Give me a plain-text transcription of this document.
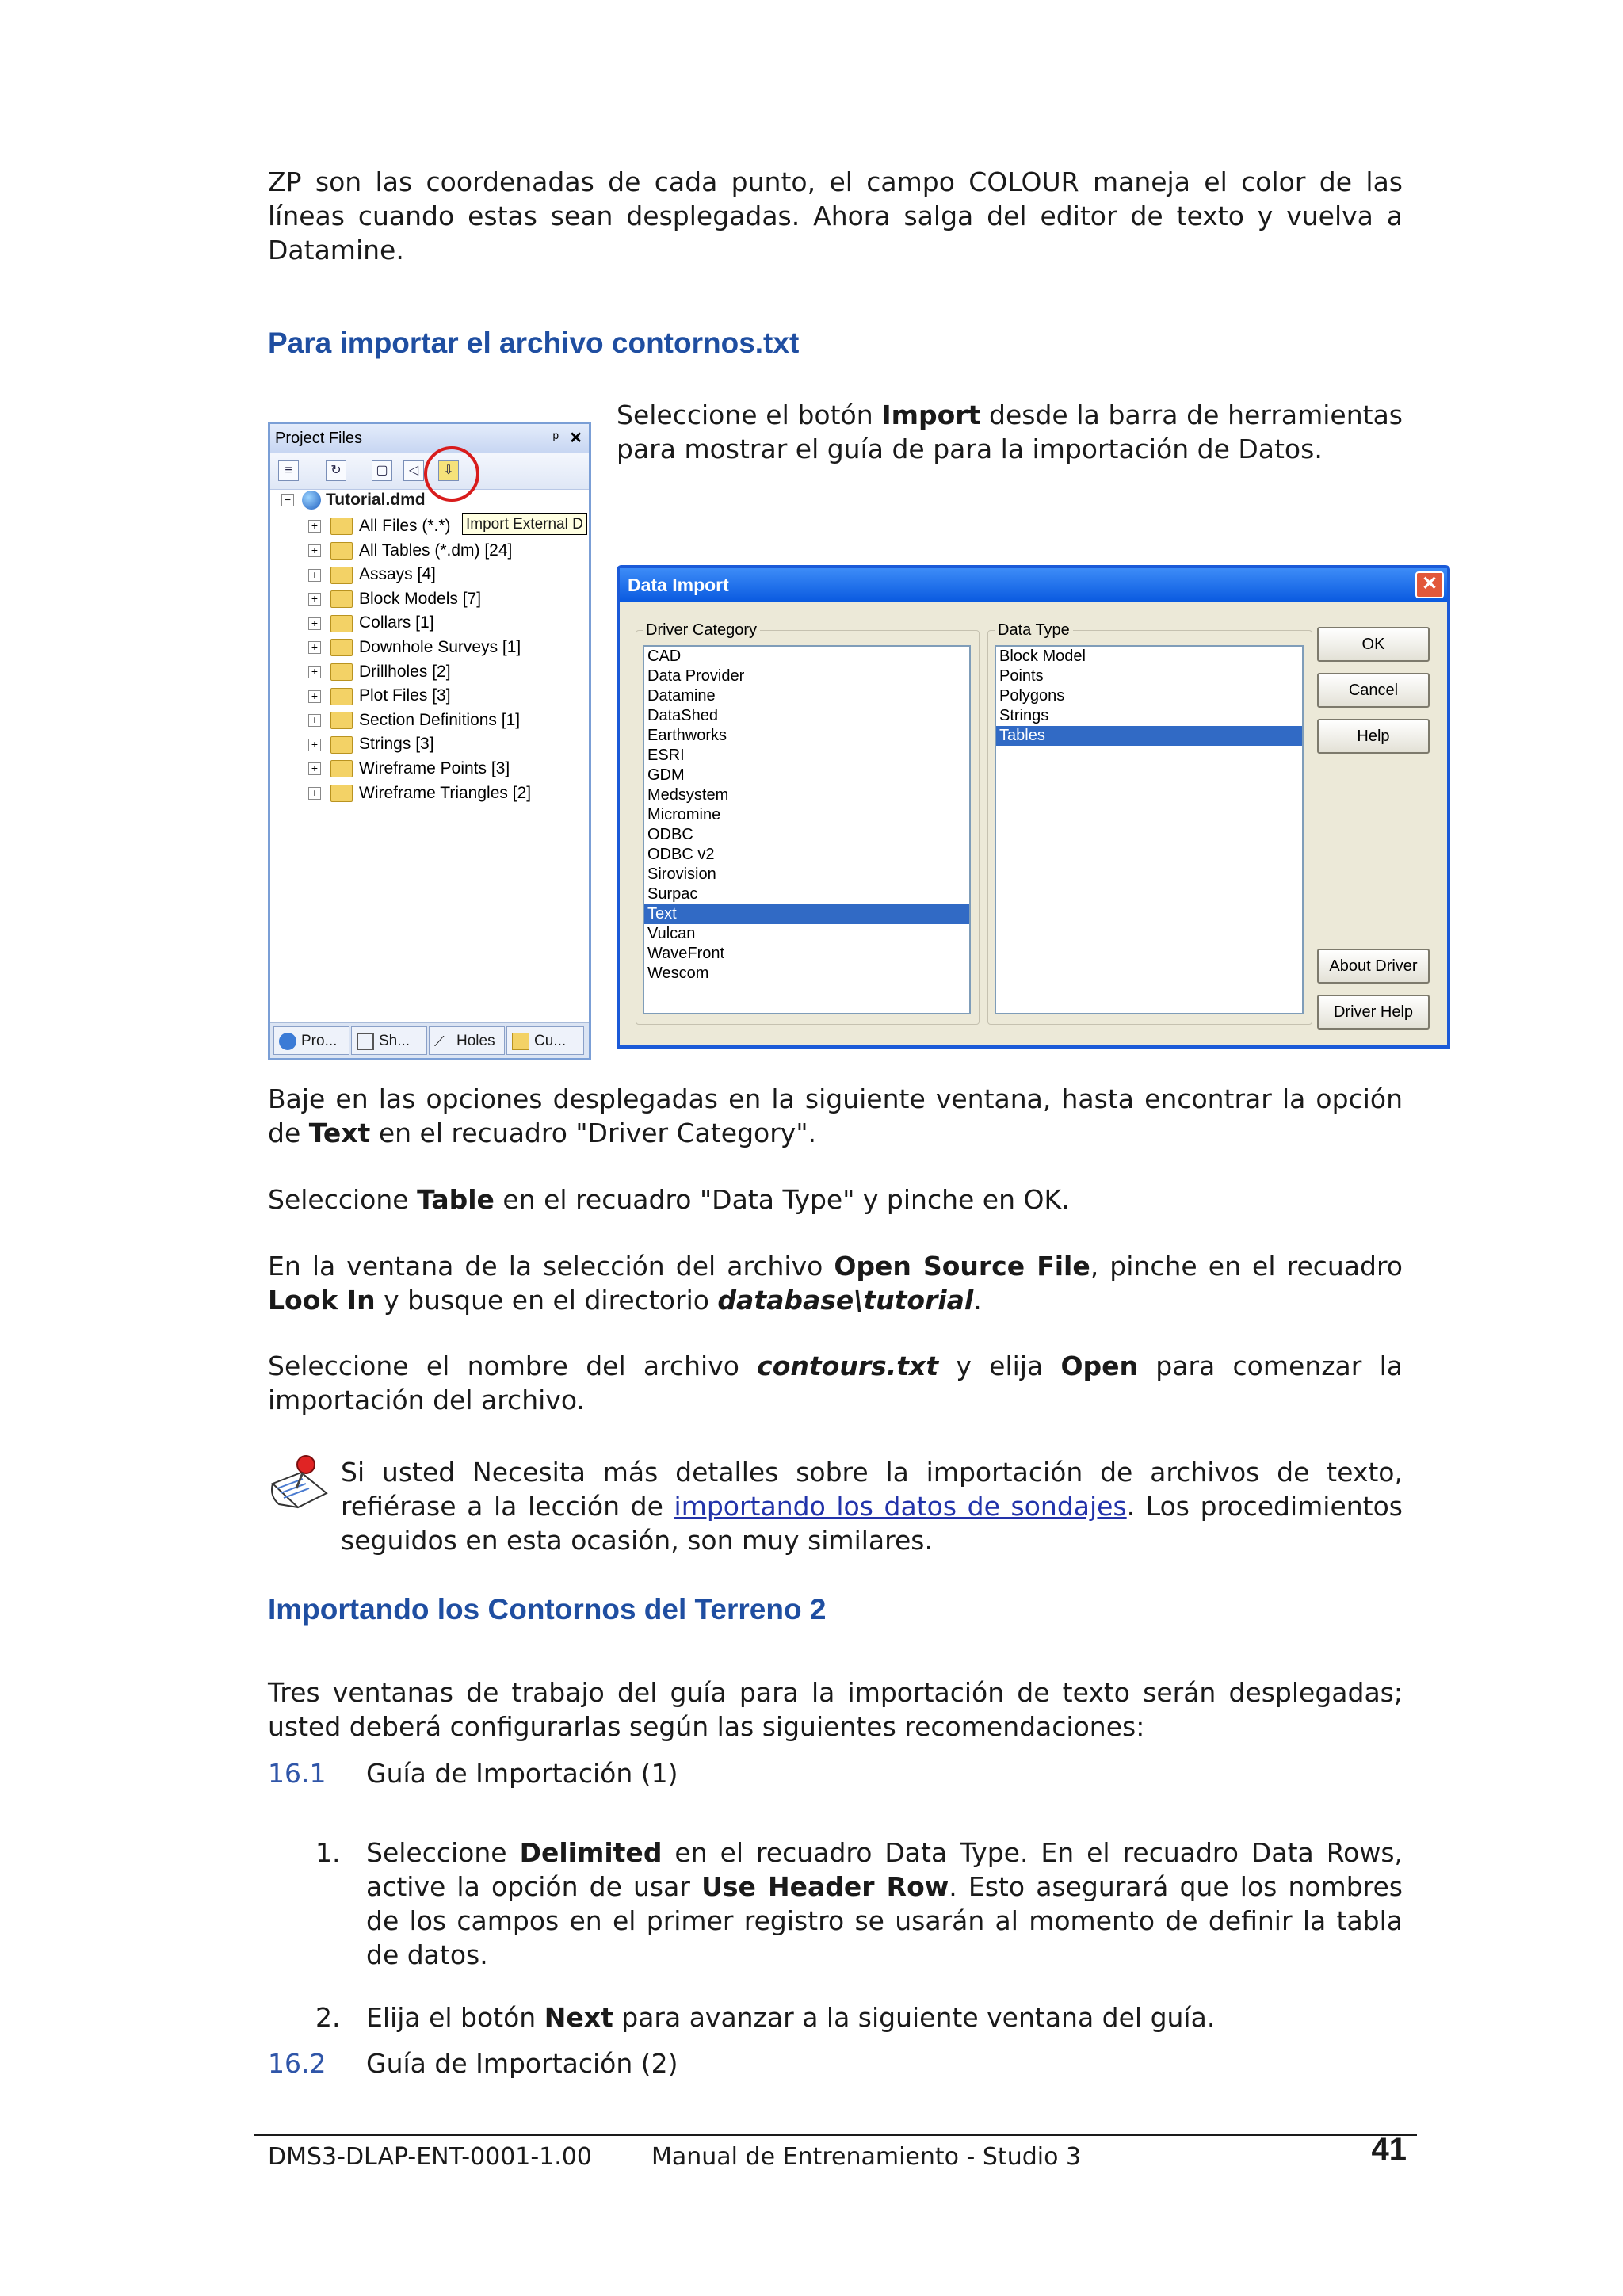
ZP son las coordenadas de cada punto, el campo COLOUR maneja el color de las líneas cuando estas sean desplegadas. Ahora salga del editor de texto y vuelva a Datamine.

Para importar el archivo contornos.txt

Seleccione el botón Import desde la barra de herramientas para mostrar el guía de para la importación de Datos.

Project Files	ᵖ ✕
≡	↻	▢	◁	⇩
− Tutorial.dmd
+ All Files (*.*)
+ All Tables (*.dm) [24]
+ Assays [4]
+ Block Models [7]
+ Collars [1]
+ Downhole Surveys [1]
+ Drillholes [2]
+ Plot Files [3]
+ Section Definitions [1]
+ Strings [3]
+ Wireframe Points [3]
+ Wireframe Triangles [2]
Import External D
Pro...	Sh...	⟋ Holes	Cu...
Data Import	✕
Driver Category
CAD
Data Provider
Datamine
DataShed
Earthworks
ESRI
GDM
Medsystem
Micromine
ODBC
ODBC v2
Sirovision
Surpac
Text
Vulcan
WaveFront
Wescom
Data Type
Block Model
Points
Polygons
Strings
Tables
OK
Cancel
Help
About Driver
Driver Help

Baje en las opciones desplegadas en la siguiente ventana, hasta encontrar la opción de Text en el recuadro "Driver Category".

Seleccione Table en el recuadro "Data Type" y pinche en OK.

En la ventana de la selección del archivo Open Source File, pinche en el recuadro Look In y busque en el directorio database\tutorial.

Seleccione el nombre del archivo contours.txt y elija Open para comenzar la importación del archivo.

Si usted Necesita más detalles sobre la importación de archivos de texto, refiérase a la lección de importando los datos de sondajes. Los procedimientos seguidos en esta ocasión, son muy similares.

Importando los Contornos del Terreno 2

Tres ventanas de trabajo del guía para la importación de texto serán desplegadas; usted deberá configurarlas según las siguientes recomendaciones:

16.1 Guía de Importación (1)
1. Seleccione Delimited en el recuadro Data Type. En el recuadro Data Rows, active la opción de usar Use Header Row. Esto asegurará que los nombres de los campos en el primer registro se usarán al momento de definir la tabla de datos.
2. Elija el botón Next para avanzar a la siguiente ventana del guía.
16.2 Guía de Importación (2)
DMS3-DLAP-ENT-0001-1.00	Manual de Entrenamiento - Studio 3	41
